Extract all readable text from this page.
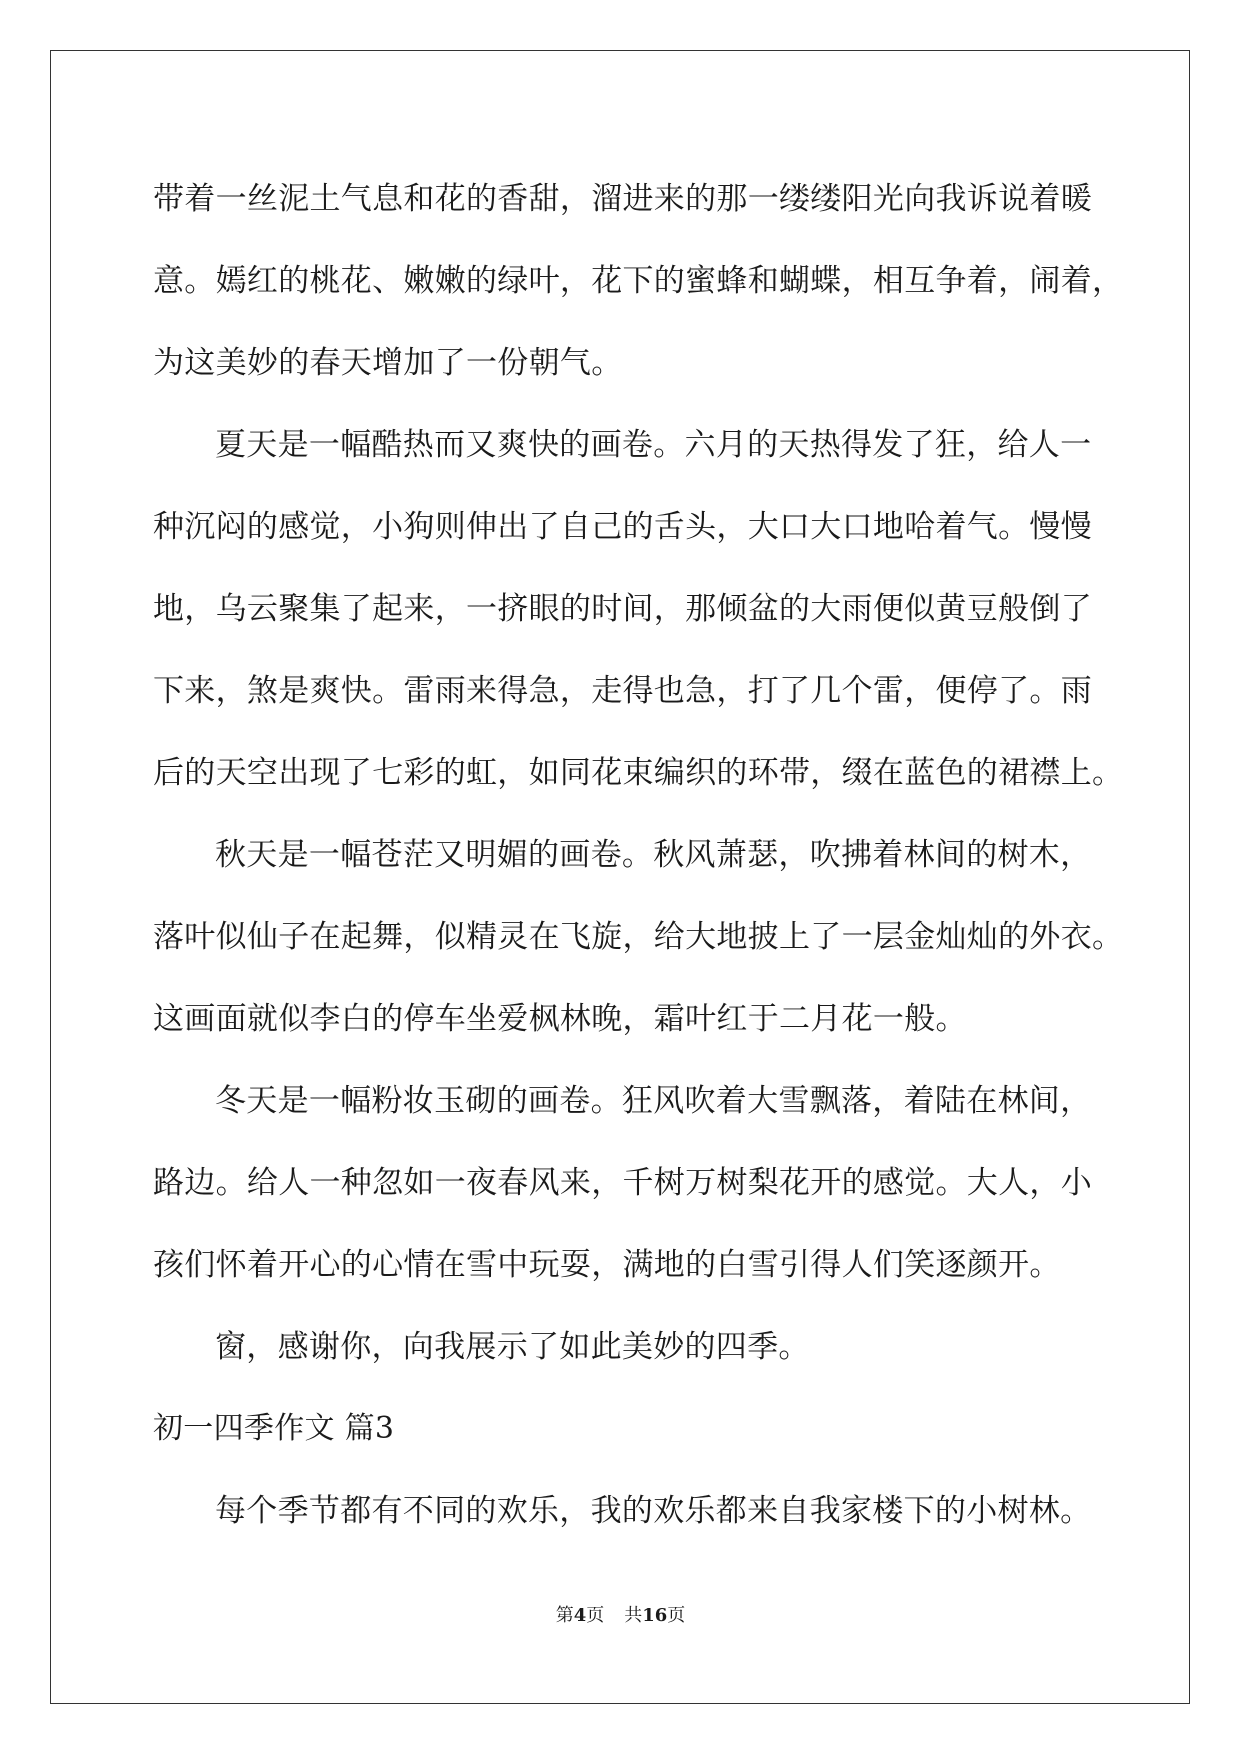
带着一丝泥土气息和花的香甜，溜进来的那一缕缕阳光向我诉说着暖
意。嫣红的桃花、嫩嫩的绿叶，花下的蜜蜂和蝴蝶，相互争着，闹着，
为这美妙的春天增加了一份朝气。
夏天是一幅酷热而又爽快的画卷。六月的天热得发了狂，给人一
种沉闷的感觉，小狗则伸出了自己的舌头，大口大口地哈着气。慢慢
地，乌云聚集了起来，一挤眼的时间，那倾盆的大雨便似黄豆般倒了
下来，煞是爽快。雷雨来得急，走得也急，打了几个雷，便停了。雨
后的天空出现了七彩的虹，如同花束编织的环带，缀在蓝色的裙襟上。
秋天是一幅苍茫又明媚的画卷。秋风萧瑟，吹拂着林间的树木，
落叶似仙子在起舞，似精灵在飞旋，给大地披上了一层金灿灿的外衣。
这画面就似李白的停车坐爱枫林晚，霜叶红于二月花一般。
冬天是一幅粉妆玉砌的画卷。狂风吹着大雪飘落，着陆在林间，
路边。给人一种忽如一夜春风来，千树万树梨花开的感觉。大人，小
孩们怀着开心的心情在雪中玩耍，满地的白雪引得人们笑逐颜开。
窗，感谢你，向我展示了如此美妙的四季。
初一四季作文 篇3
每个季节都有不同的欢乐，我的欢乐都来自我家楼下的小树林。
第4页 共16页
